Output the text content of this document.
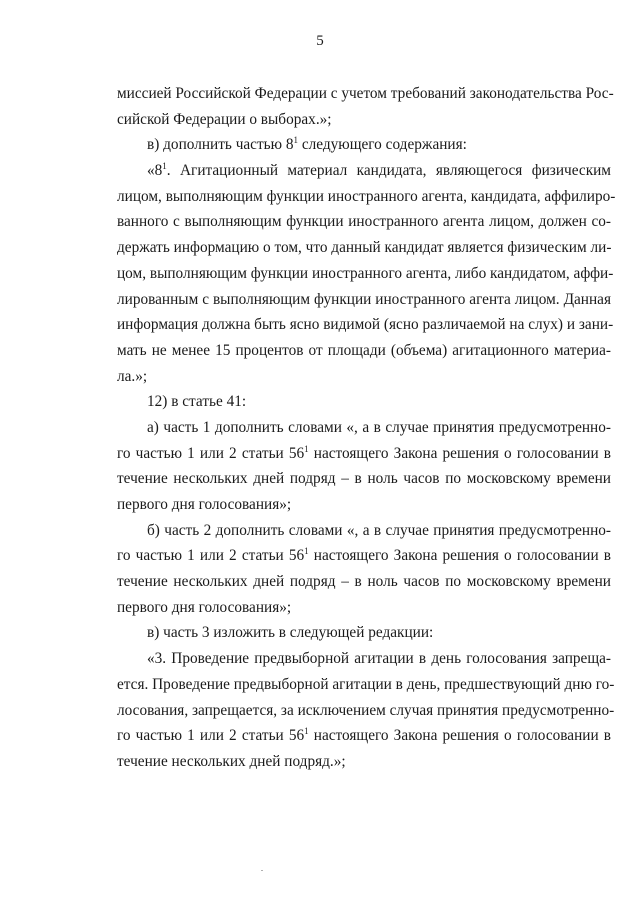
5

миссией Российской Федерации с учетом требований законодательства Рос-
сийской Федерации о выборах.»;

в) дополнить частью $8^1$ следующего содержания:

«$8^1$. Агитационный материал кандидата, являющегося физическим
лицом, выполняющим функции иностранного агента, кандидата, аффилиро-
ванного с выполняющим функции иностранного агента лицом, должен со-
держать информацию о том, что данный кандидат является физическим ли-
цом, выполняющим функции иностранного агента, либо кандидатом, аффи-
лированным с выполняющим функции иностранного агента лицом. Данная
информация должна быть ясно видимой (ясно различаемой на слух) и зани-
мать не менее 15 процентов от площади (объема) агитационного материа-
ла.»;

12) в статье 41:

а) часть 1 дополнить словами «, а в случае принятия предусмотренно-
го частью 1 или 2 статьи $56^1$ настоящего Закона решения о голосовании в
течение нескольких дней подряд – в ноль часов по московскому времени
первого дня голосования»;

б) часть 2 дополнить словами «, а в случае принятия предусмотренно-
го частью 1 или 2 статьи $56^1$ настоящего Закона решения о голосовании в
течение нескольких дней подряд – в ноль часов по московскому времени
первого дня голосования»;

в) часть 3 изложить в следующей редакции:

«3. Проведение предвыборной агитации в день голосования запреща-
ется. Проведение предвыборной агитации в день, предшествующий дню го-
лосования, запрещается, за исключением случая принятия предусмотренно-
го частью 1 или 2 статьи $56^1$ настоящего Закона решения о голосовании в
течение нескольких дней подряд.»;
